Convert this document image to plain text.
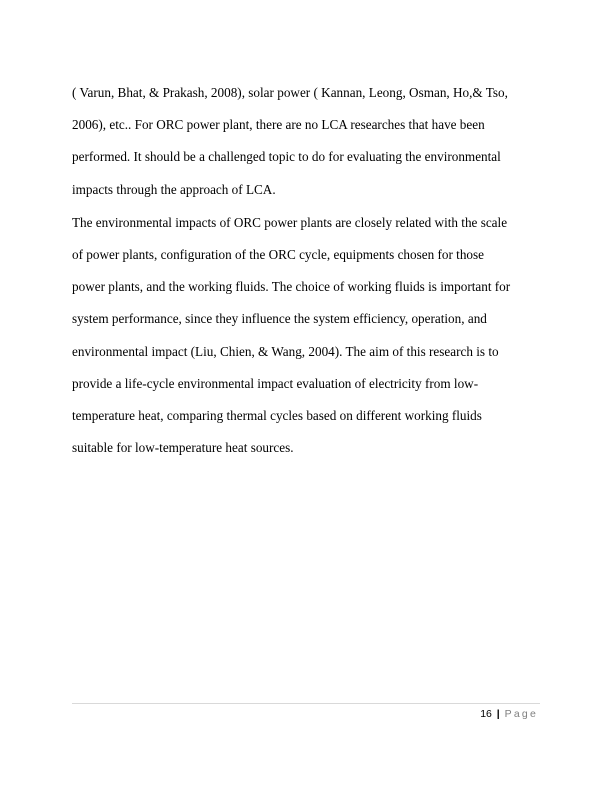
( Varun, Bhat, & Prakash, 2008), solar power ( Kannan, Leong, Osman, Ho,& Tso,
2006), etc.. For ORC power plant, there are no LCA researches that have been
performed. It should be a challenged topic to do for evaluating the environmental
impacts through the approach of LCA.
The environmental impacts of ORC power plants are closely related with the scale
of power plants, configuration of the ORC cycle, equipments chosen for those
power plants, and the working fluids. The choice of working fluids is important for
system performance, since they influence the system efficiency, operation, and
environmental impact (Liu, Chien, & Wang, 2004). The aim of this research is to
provide a life-cycle environmental impact evaluation of electricity from low-
temperature heat, comparing thermal cycles based on different working fluids
suitable for low-temperature heat sources.
16 | Page
